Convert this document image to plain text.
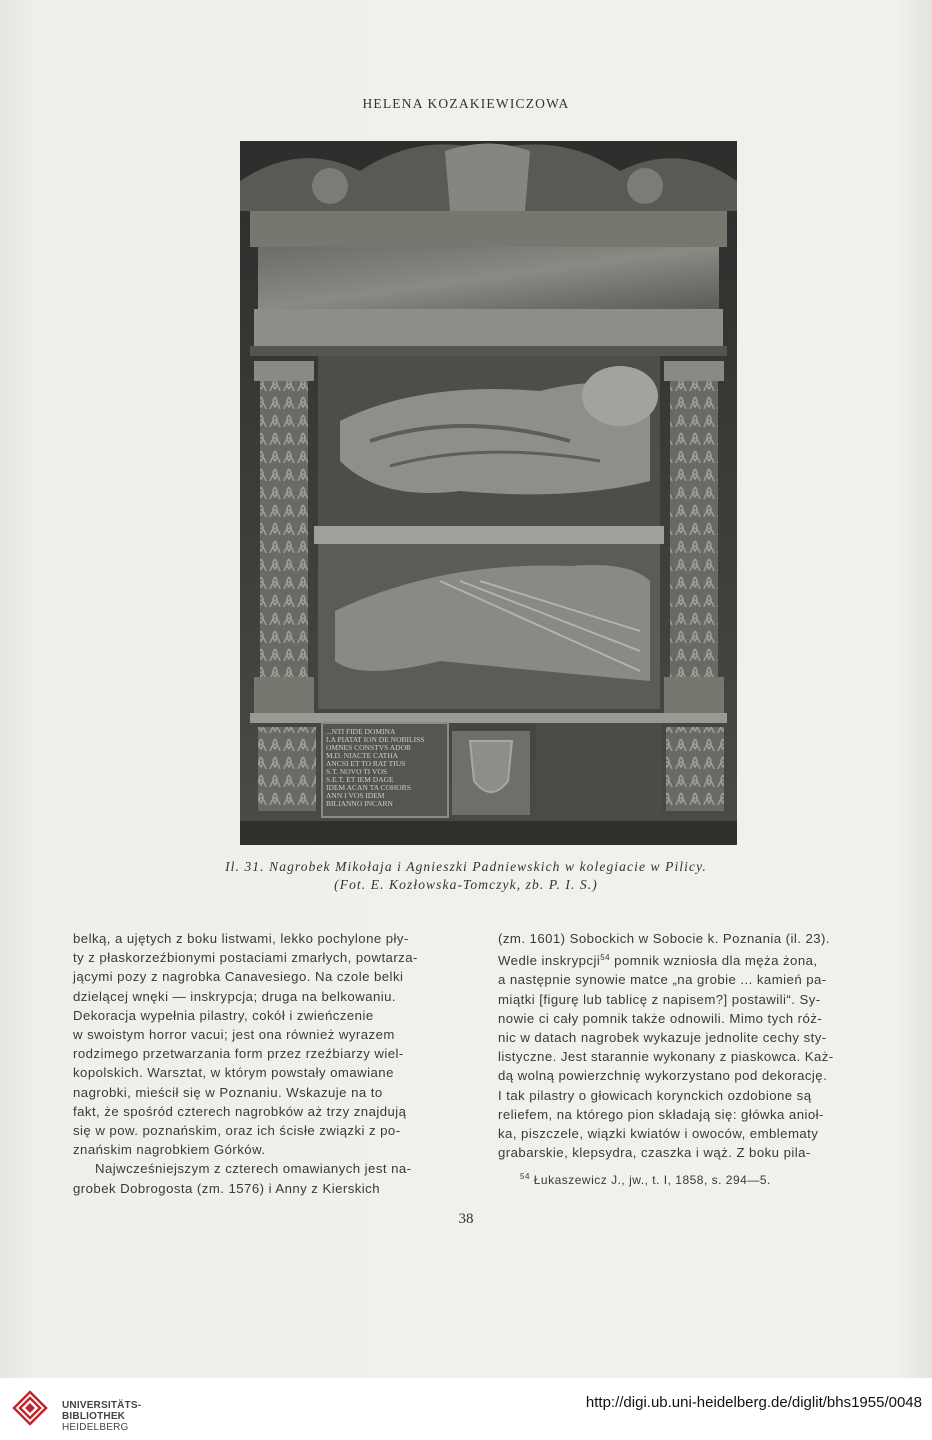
HELENA KOZAKIEWICZOWA
...NTI FIDE DOMINA
LA PIATAT ION DE NOBILISS
OMNES CONSTVS ADOR
M.D. NIACTE CATHA
ANCSI ET TO RAT TIUS
S.T. NOVO TI VOS
S.E.T. ET IEM DAGE
IDEM ACAN TA COHORS
ANN I VOS IDEM
BILIANNO INCARN
Il. 31. Nagrobek Mikołaja i Agnieszki Padniewskich w kolegiacie w Pilicy.
(Fot. E. Kozłowska-Tomczyk, zb. P. I. S.)

belką, a ujętych z boku listwami, lekko pochylone pły-

ty z płaskorzeźbionymi postaciami zmarłych, powtarza-

jącymi pozy z nagrobka Canavesiego. Na czole belki

dzielącej wnęki — inskrypcja; druga na belkowaniu.

Dekoracja wypełnia pilastry, cokół i zwieńczenie

w swoistym horror vacui; jest ona również wyrazem

rodzimego przetwarzania form przez rzeźbiarzy wiel-

kopolskich. Warsztat, w którym powstały omawiane

nagrobki, mieścił się w Poznaniu. Wskazuje na to

fakt, że spośród czterech nagrobków aż trzy znajdują

się w pow. poznańskim, oraz ich ścisłe związki z po-

znańskim nagrobkiem Górków.

Najwcześniejszym z czterech omawianych jest na-

grobek Dobrogosta (zm. 1576) i Anny z Kierskich

(zm. 1601) Sobockich w Sobocie k. Poznania (il. 23).

Wedle inskrypcji$^{54}$ pomnik wzniosła dla męża żona,

a następnie synowie matce „na grobie ... kamień pa-

miątki [figurę lub tablicę z napisem?] postawili“. Sy-

nowie ci cały pomnik także odnowili. Mimo tych róż-

nic w datach nagrobek wykazuje jednolite cechy sty-

listyczne. Jest starannie wykonany z piaskowca. Każ-

dą wolną powierzchnię wykorzystano pod dekorację.

I tak pilastry o głowicach korynckich ozdobione są

reliefem, na którego pion składają się: główka anioł-

ka, piszczele, wiązki kwiatów i owoców, emblematy

grabarskie, klepsydra, czaszka i wąż. Z boku pila-

$^{54}$ Łukaszewicz J., jw., t. I, 1858, s. 294—5.
38
UNIVERSITÄTS-
BIBLIOTHEK
HEIDELBERG
http://digi.ub.uni-heidelberg.de/diglit/bhs1955/0048
